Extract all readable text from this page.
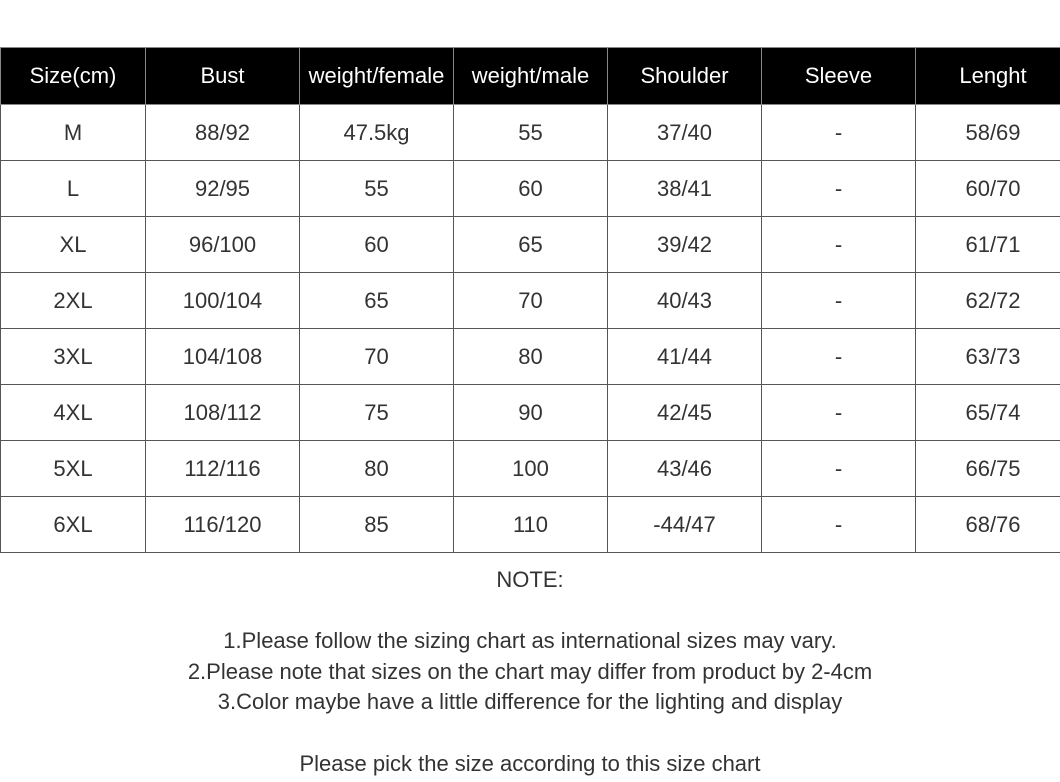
Size(cm)	Bust	weight/female	weight/male	Shoulder	Sleeve	Lenght
M	88/92	47.5kg	55	37/40	-	58/69
L	92/95	55	60	38/41	-	60/70
XL	96/100	60	65	39/42	-	61/71
2XL	100/104	65	70	40/43	-	62/72
3XL	104/108	70	80	41/44	-	63/73
4XL	108/112	75	90	42/45	-	65/74
5XL	112/116	80	100	43/46	-	66/75
6XL	116/120	85	110	-44/47	-	68/76
NOTE:
1.Please follow the sizing chart as international sizes may vary.
2.Please note that sizes on the chart may differ from product by 2-4cm
3.Color maybe have a little difference for the lighting and display
Please pick the size according to this size chart
